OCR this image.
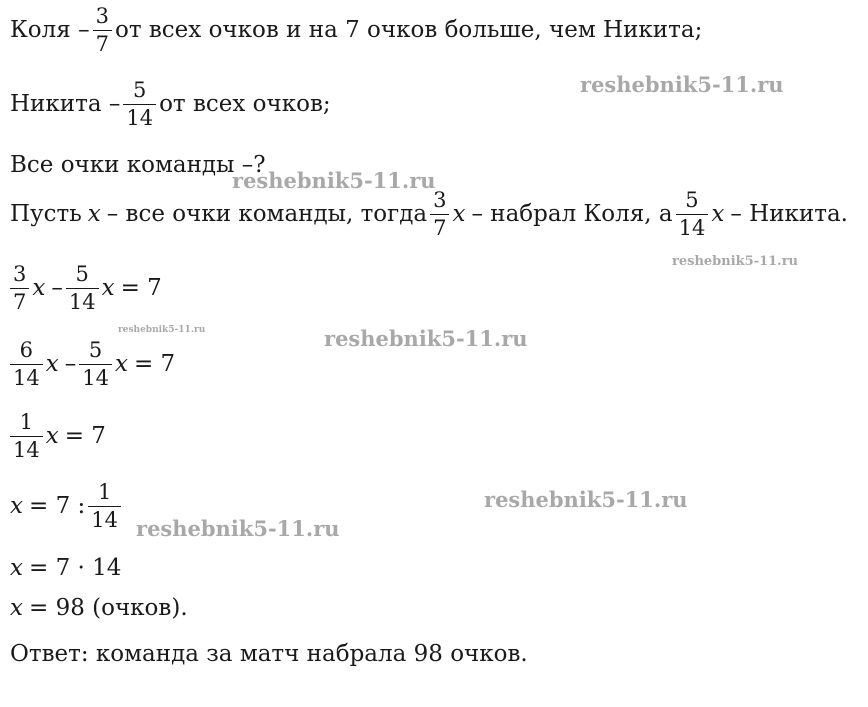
Коля – $\frac{3}{7}$ от всех очков и на 7 очков больше, чем Никита;
Никита – $\frac{5}{14}$ от всех очков;
Все очки команды –?
Пусть x – все очки команды, тогда $\frac{3}{7}$ x – набрал Коля, а $\frac{5}{14}$ x – Никита.
$\frac{3}{7}$ x – $\frac{5}{14}$ x = 7
$\frac{6}{14}$ x – $\frac{5}{14}$ x = 7
$\frac{1}{14}$ x = 7
x = 7 : $\frac{1}{14}$
x = 7 · 14
x = 98 (очков).
Ответ: команда за матч набрала 98 очков.
reshebnik5-11.ru
reshebnik5-11.ru
reshebnik5-11.ru
reshebnik5-11.ru	reshebnik5-11.ru
reshebnik5-11.ru
reshebnik5-11.ru
